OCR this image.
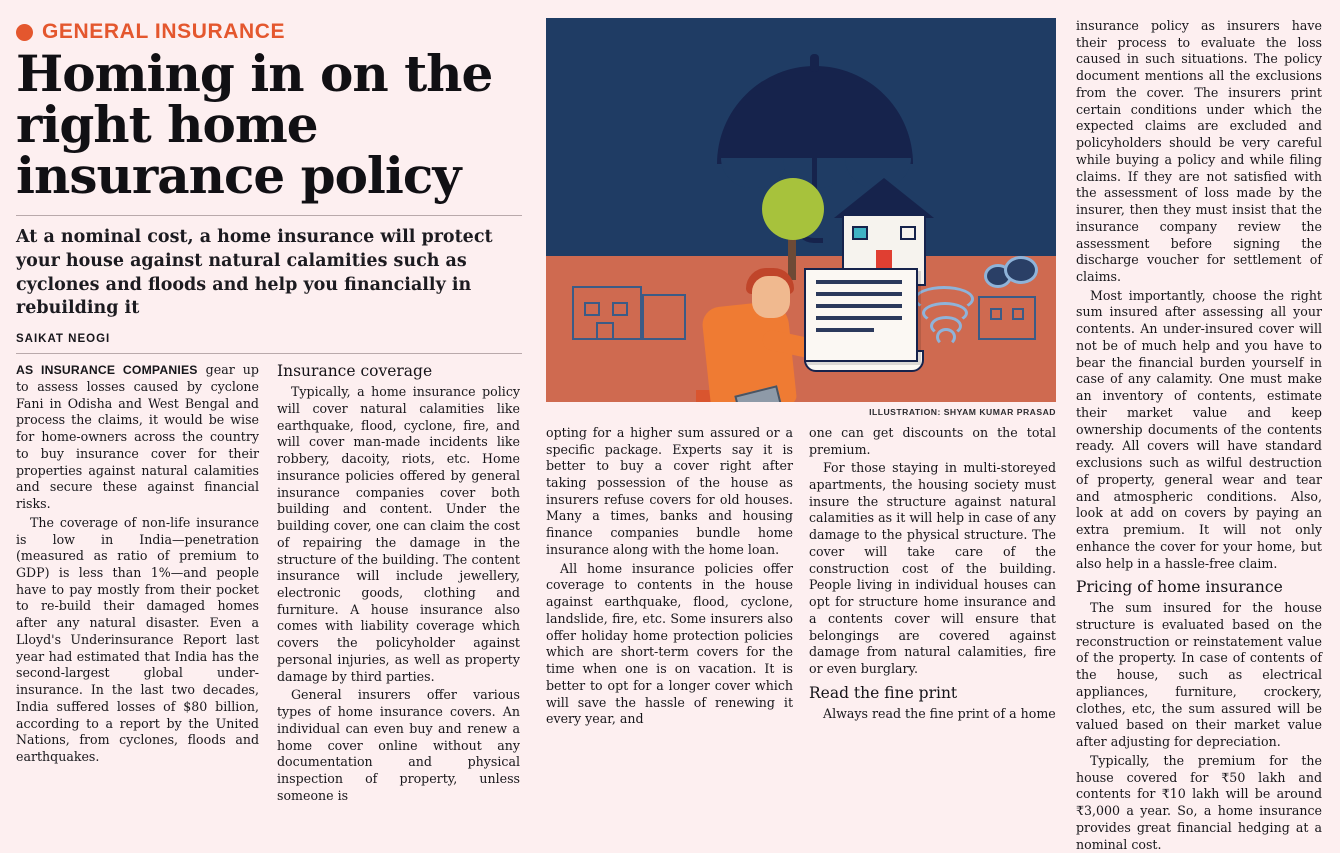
GENERAL INSURANCE
Homing in on the right home insurance policy

At a nominal cost, a home insurance will protect your house against natural calamities such as cyclones and floods and help you financially in rebuilding it

SAIKAT NEOGI

AS INSURANCE COMPANIES gear up to assess losses caused by cyclone Fani in Odisha and West Bengal and process the claims, it would be wise for home-owners across the country to buy insurance cover for their properties against natural calamities and secure these against financial risks.

The coverage of non-life insurance is low in India—penetration (measured as ratio of premium to GDP) is less than 1%—and people have to pay mostly from their pocket to re-build their damaged homes after any natural disaster. Even a Lloyd's Underinsurance Report last year had estimated that India has the second-largest global under-insurance. In the last two decades, India suffered losses of $80 billion, according to a report by the United Nations, from cyclones, floods and earthquakes.

Insurance coverage

Typically, a home insurance policy will cover natural calamities like earthquake, flood, cyclone, fire, and will cover man-made incidents like robbery, dacoity, riots, etc. Home insurance policies offered by general insurance companies cover both building and content. Under the building cover, one can claim the cost of repairing the damage in the structure of the building. The content insurance will include jewellery, electronic goods, clothing and furniture. A house insurance also comes with liability coverage which covers the policyholder against personal injuries, as well as property damage by third parties.

General insurers offer various types of home insurance covers. An individual can even buy and renew a home cover online without any documentation and physical inspection of property, unless someone is

ILLUSTRATION: SHYAM KUMAR PRASAD

opting for a higher sum assured or a specific package. Experts say it is better to buy a cover right after taking possession of the house as insurers refuse covers for old houses. Many a times, banks and housing finance companies bundle home insurance along with the home loan.

All home insurance policies offer coverage to contents in the house against earthquake, flood, cyclone, landslide, fire, etc. Some insurers also offer holiday home protection policies which are short-term covers for the time when one is on vacation. It is better to opt for a longer cover which will save the hassle of renewing it every year, and

one can get discounts on the total premium.

For those staying in multi-storeyed apartments, the housing society must insure the structure against natural calamities as it will help in case of any damage to the physical structure. The cover will take care of the construction cost of the building. People living in individual houses can opt for structure home insurance and a contents cover will ensure that belongings are covered against damage from natural calamities, fire or even burglary.

Read the fine print

Always read the fine print of a home

insurance policy as insurers have their process to evaluate the loss caused in such situations. The policy document mentions all the exclusions from the cover. The insurers print certain conditions under which the expected claims are excluded and policyholders should be very careful while buying a policy and while filing claims. If they are not satisfied with the assessment of loss made by the insurer, then they must insist that the insurance company review the assessment before signing the discharge voucher for settlement of claims.

Most importantly, choose the right sum insured after assessing all your contents. An under-insured cover will not be of much help and you have to bear the financial burden yourself in case of any calamity. One must make an inventory of contents, estimate their market value and keep ownership documents of the contents ready. All covers will have standard exclusions such as wilful destruction of property, general wear and tear and atmospheric conditions. Also, look at add on covers by paying an extra premium. It will not only enhance the cover for your home, but also help in a hassle-free claim.

Pricing of home insurance

The sum insured for the house structure is evaluated based on the reconstruction or reinstatement value of the property. In case of contents of the house, such as electrical appliances, furniture, crockery, clothes, etc, the sum assured will be valued based on their market value after adjusting for depreciation.

Typically, the premium for the house covered for ₹50 lakh and contents for ₹10 lakh will be around ₹3,000 a year. So, a home insurance provides great financial hedging at a nominal cost.
